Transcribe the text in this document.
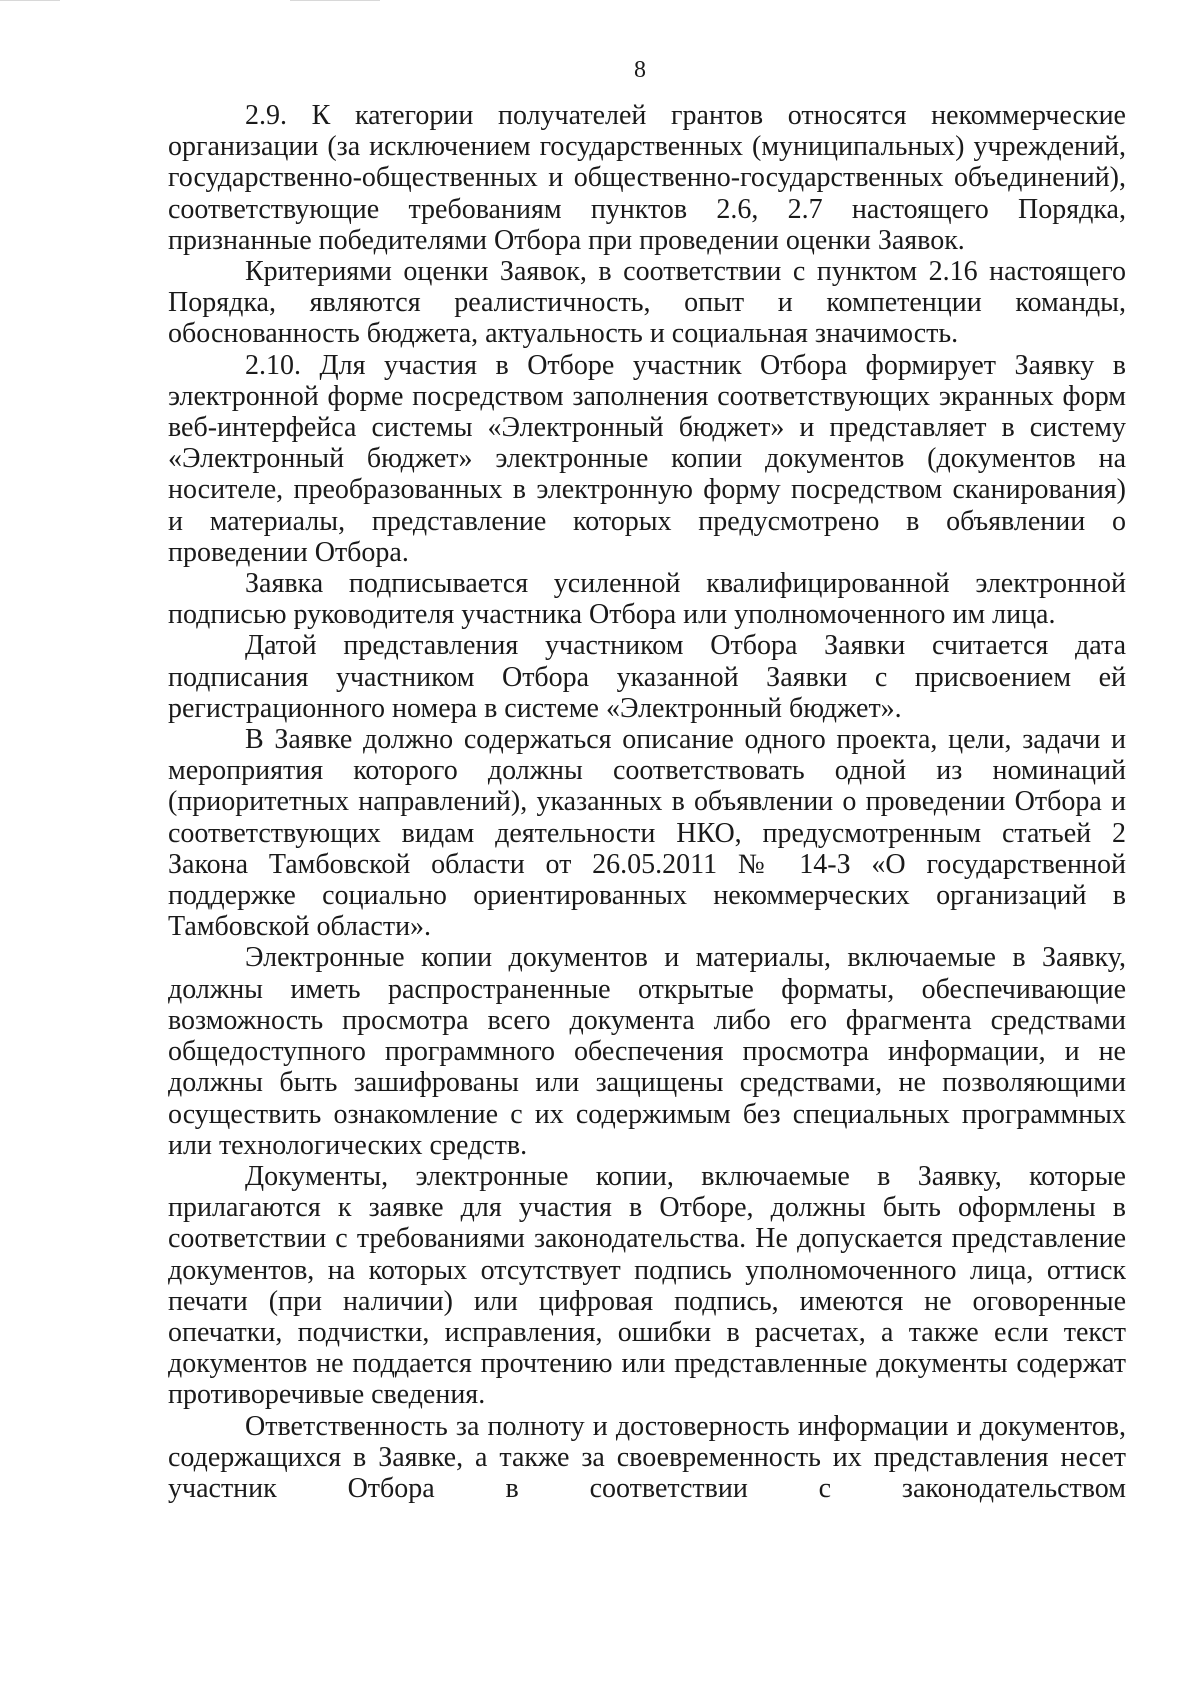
8

2.9. К категории получателей грантов относятся некоммерческие организации (за исключением государственных (муниципальных) учреждений, государственно-общественных и общественно-государственных объединений), соответствующие требованиям пунктов 2.6, 2.7 настоящего Порядка, признанные победителями Отбора при проведении оценки Заявок.

Критериями оценки Заявок, в соответствии с пунктом 2.16 настоящего Порядка, являются реалистичность, опыт и компетенции команды, обоснованность бюджета, актуальность и социальная значимость.

2.10. Для участия в Отборе участник Отбора формирует Заявку в электронной форме посредством заполнения соответствующих экранных форм веб-интерфейса системы «Электронный бюджет» и представляет в систему «Электронный бюджет» электронные копии документов (документов на носителе, преобразованных в электронную форму посредством сканирования) и материалы, представление которых предусмотрено в объявлении о проведении Отбора.

Заявка подписывается усиленной квалифицированной электронной подписью руководителя участника Отбора или уполномоченного им лица.

Датой представления участником Отбора Заявки считается дата подписания участником Отбора указанной Заявки с присвоением ей регистрационного номера в системе «Электронный бюджет».

В Заявке должно содержаться описание одного проекта, цели, задачи и мероприятия которого должны соответствовать одной из номинаций (приоритетных направлений), указанных в объявлении о проведении Отбора и соответствующих видам деятельности НКО, предусмотренным статьей 2 Закона Тамбовской области от 26.05.2011 № 14-З «О государственной поддержке социально ориентированных некоммерческих организаций в Тамбовской области».

Электронные копии документов и материалы, включаемые в Заявку, должны иметь распространенные открытые форматы, обеспечивающие возможность просмотра всего документа либо его фрагмента средствами общедоступного программного обеспечения просмотра информации, и не должны быть зашифрованы или защищены средствами, не позволяющими осуществить ознакомление с их содержимым без специальных программных или технологических средств.

Документы, электронные копии, включаемые в Заявку, которые прилагаются к заявке для участия в Отборе, должны быть оформлены в соответствии с требованиями законодательства. Не допускается представление документов, на которых отсутствует подпись уполномоченного лица, оттиск печати (при наличии) или цифровая подпись, имеются не оговоренные опечатки, подчистки, исправления, ошибки в расчетах, а также если текст документов не поддается прочтению или представленные документы содержат противоречивые сведения.

Ответственность за полноту и достоверность информации и документов, содержащихся в Заявке, а также за своевременность их представления несет участник Отбора в соответствии с законодательством
